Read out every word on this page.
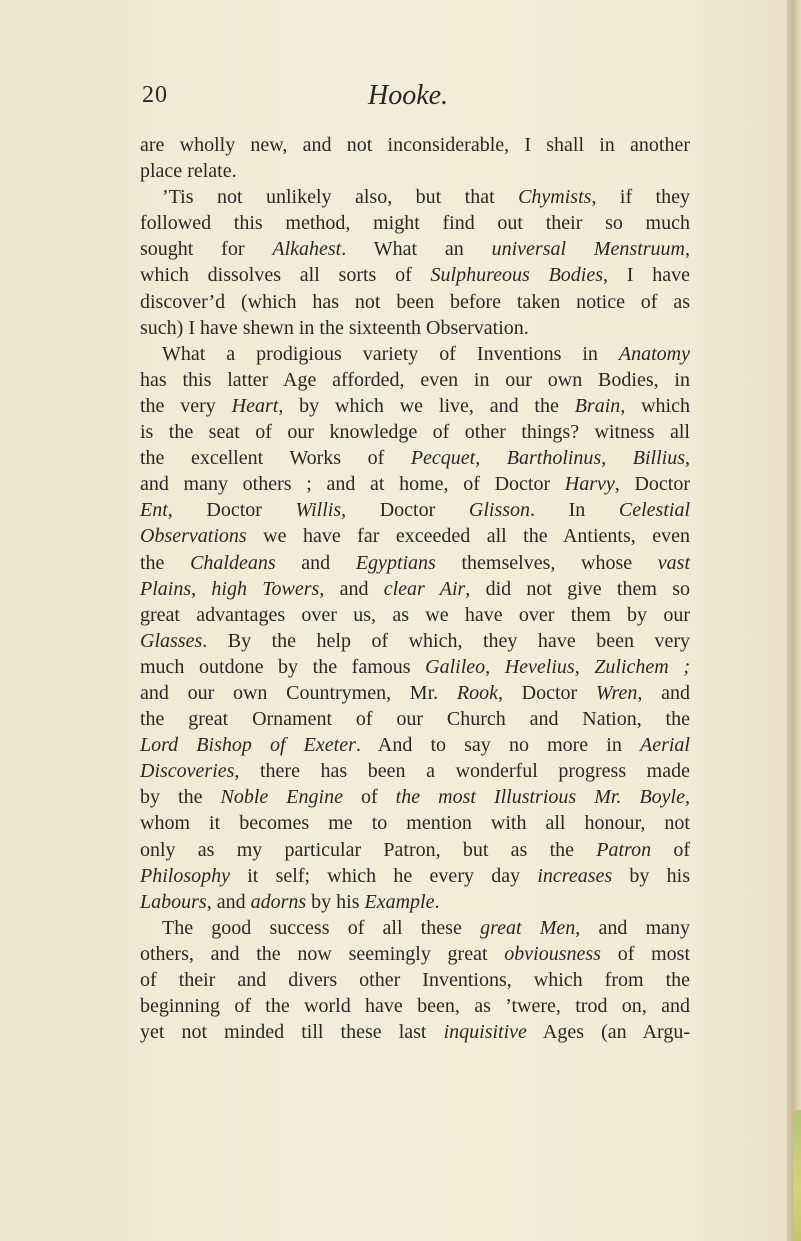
20	Hooke.
are wholly new, and not inconsiderable, I shall in another
place relate.
’Tis not unlikely also, but that Chymists, if they
followed this method, might find out their so much
sought for Alkahest. What an universal Menstruum,
which dissolves all sorts of Sulphureous Bodies, I have
discover’d (which has not been before taken notice of as
such) I have shewn in the sixteenth Observation.
What a prodigious variety of Inventions in Anatomy
has this latter Age afforded, even in our own Bodies, in
the very Heart, by which we live, and the Brain, which
is the seat of our knowledge of other things? witness all
the excellent Works of Pecquet, Bartholinus, Billius,
and many others ; and at home, of Doctor Harvy, Doctor
Ent, Doctor Willis, Doctor Glisson. In Celestial
Observations we have far exceeded all the Antients, even
the Chaldeans and Egyptians themselves, whose vast
Plains, high Towers, and clear Air, did not give them so
great advantages over us, as we have over them by our
Glasses. By the help of which, they have been very
much outdone by the famous Galileo, Hevelius, Zulichem ;
and our own Countrymen, Mr. Rook, Doctor Wren, and
the great Ornament of our Church and Nation, the
Lord Bishop of Exeter. And to say no more in Aerial
Discoveries, there has been a wonderful progress made
by the Noble Engine of the most Illustrious Mr. Boyle,
whom it becomes me to mention with all honour, not
only as my particular Patron, but as the Patron of
Philosophy it self; which he every day increases by his
Labours, and adorns by his Example.
The good success of all these great Men, and many
others, and the now seemingly great obviousness of most
of their and divers other Inventions, which from the
beginning of the world have been, as ’twere, trod on, and
yet not minded till these last inquisitive Ages (an Argu-
